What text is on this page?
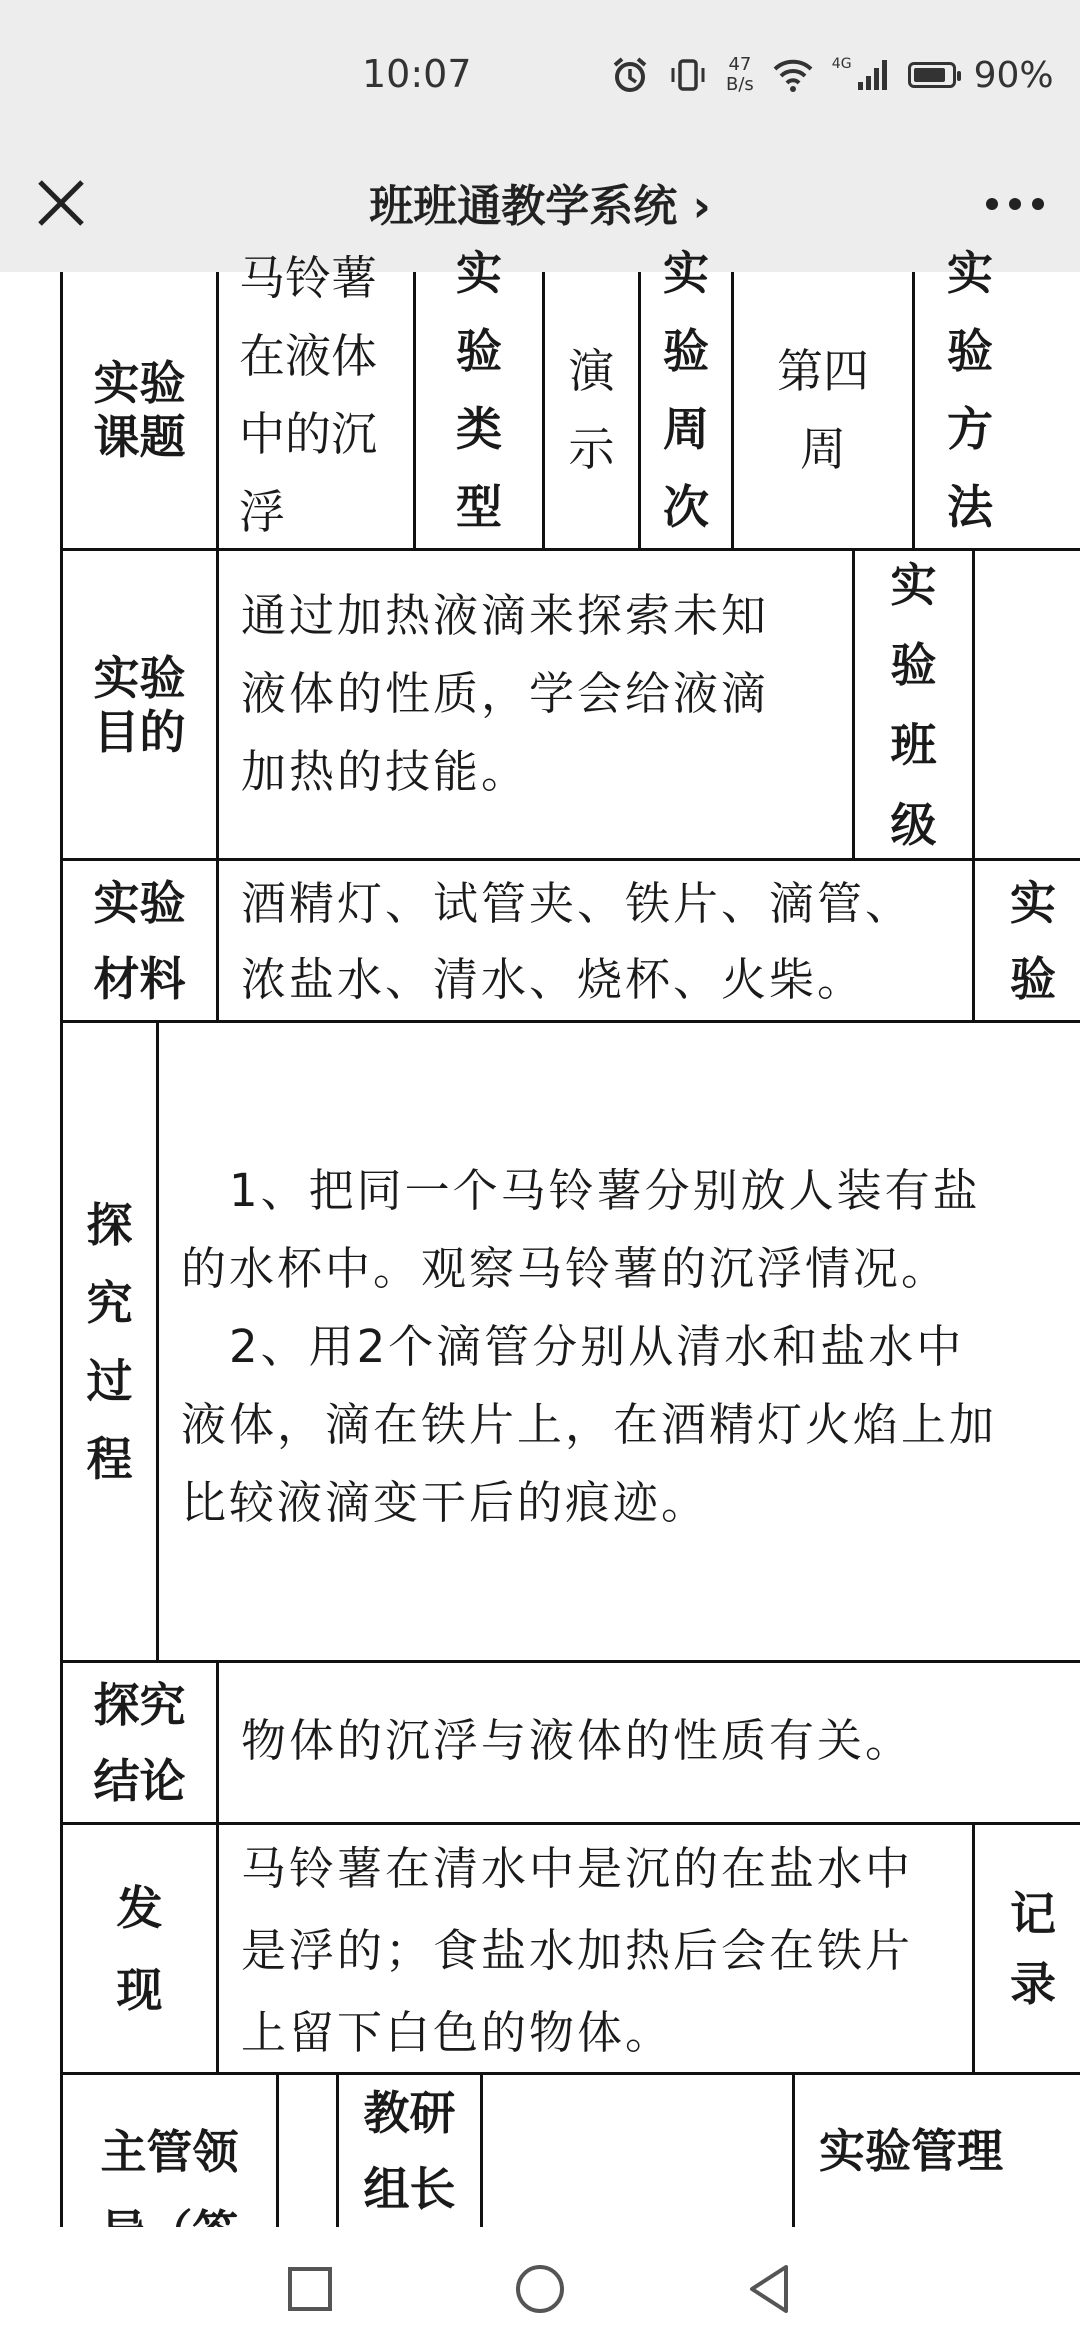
10:07	47
B/s
4G	90%
班班通教学系统 ›
实验
课题
马铃薯
在液体
中的沉
浮
实
验
类
型
演
示
实
验
周
次
第四
周
实
验
方
法
实验
目的
通过加热液滴来探索未知
液体的性质，学会给液滴
加热的技能。
实
验
班
级
实验
材料
酒精灯、试管夹、铁片、滴管、
浓盐水、清水、烧杯、火柴。
实
验
探
究
过
程
　1、把同一个马铃薯分别放人装有盐
的水杯中。观察马铃薯的沉浮情况。
　2、用2个滴管分别从清水和盐水中
液体，滴在铁片上，在酒精灯火焰上加
比较液滴变干后的痕迹。
探究
结论
物体的沉浮与液体的性质有关。
发
现
马铃薯在清水中是沉的在盐水中
是浮的；食盐水加热后会在铁片
上留下白色的物体。
记
录
主管领

教研
组长
实验管理
